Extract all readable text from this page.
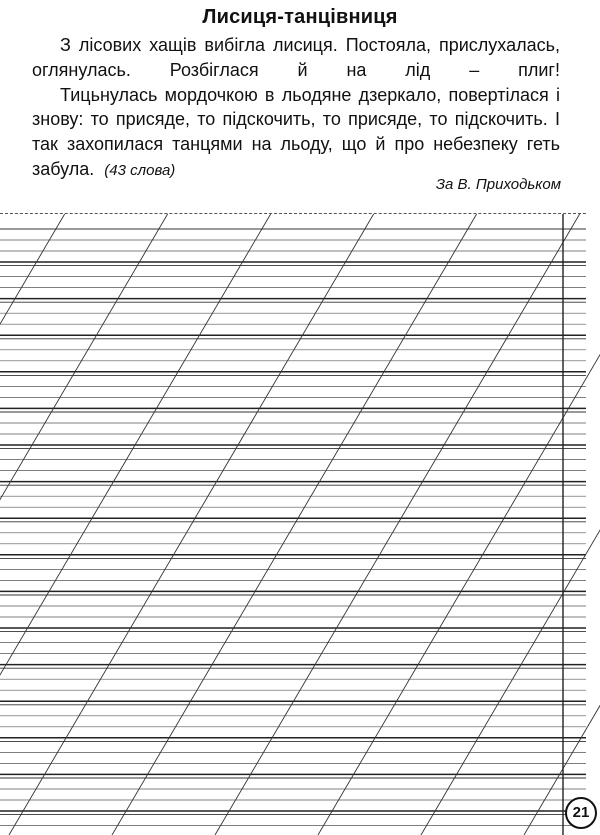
Лисиця-танцівниця

З лісових хащів вибігла лисиця. Постояла, прислухалась, оглянулась. Розбіглася й на лід – плиг!

Тицьнулась мордочкою в льодяне дзеркало, повертілася і знову: то присяде, то підскочить, то присяде, то підскочить. І так захопилася танцями на льоду, що й про небезпеку геть забула. (43 слова)

За В. Приходьком
21
